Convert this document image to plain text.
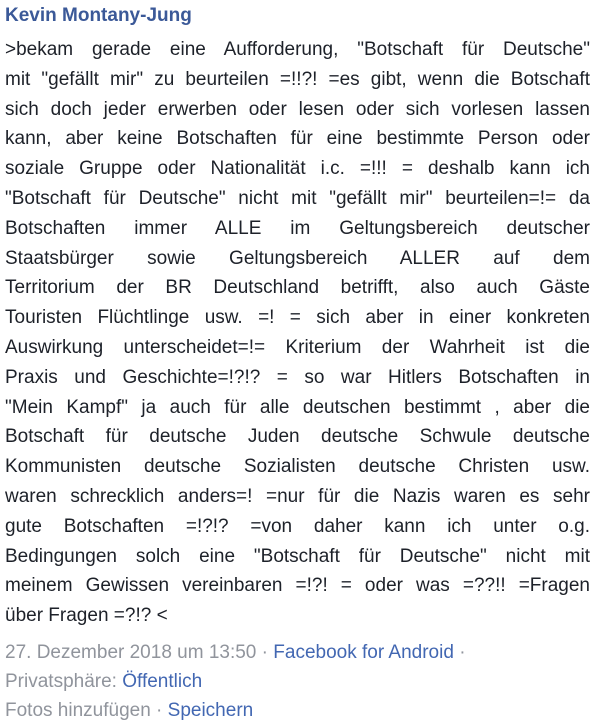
Kevin Montany-Jung
>bekam gerade eine Aufforderung, "Botschaft für Deutsche"
mit "gefällt mir" zu beurteilen =!!?! =es gibt, wenn die Botschaft
sich doch jeder erwerben oder lesen oder sich vorlesen lassen
kann, aber keine Botschaften für eine bestimmte Person oder
soziale Gruppe oder Nationalität i.c. =!!! = deshalb kann ich
"Botschaft für Deutsche" nicht mit "gefällt mir" beurteilen=!= da
Botschaften immer ALLE im Geltungsbereich deutscher
Staatsbürger sowie Geltungsbereich ALLER auf dem
Territorium der BR Deutschland betrifft, also auch Gäste
Touristen Flüchtlinge usw. =! = sich aber in einer konkreten
Auswirkung unterscheidet=!= Kriterium der Wahrheit ist die
Praxis und Geschichte=!?!? = so war Hitlers Botschaften in
"Mein Kampf" ja auch für alle deutschen bestimmt , aber die
Botschaft für deutsche Juden deutsche Schwule deutsche
Kommunisten deutsche Sozialisten deutsche Christen usw.
waren schrecklich anders=! =nur für die Nazis waren es sehr
gute Botschaften =!?!? =von daher kann ich unter o.g.
Bedingungen solch eine "Botschaft für Deutsche" nicht mit
meinem Gewissen vereinbaren =!?! = oder was =??!! =Fragen
über Fragen =?!? <
27. Dezember 2018 um 13:50 · Facebook for Android ·
Privatsphäre: Öffentlich
Fotos hinzufügen · Speichern
